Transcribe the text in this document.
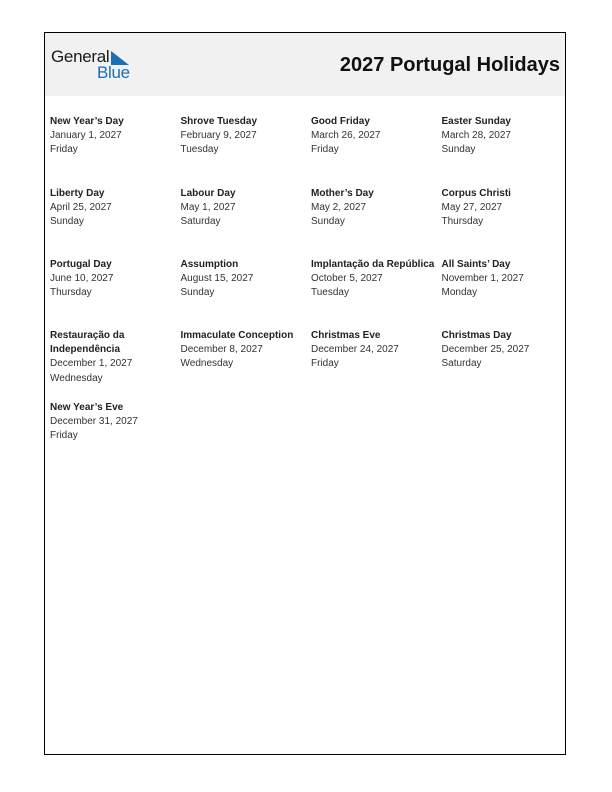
General
Blue	2027 Portugal Holidays
New Year’s Day
January 1, 2027
Friday
Shrove Tuesday
February 9, 2027
Tuesday
Good Friday
March 26, 2027
Friday
Easter Sunday
March 28, 2027
Sunday
Liberty Day
April 25, 2027
Sunday
Labour Day
May 1, 2027
Saturday
Mother’s Day
May 2, 2027
Sunday
Corpus Christi
May 27, 2027
Thursday
Portugal Day
June 10, 2027
Thursday
Assumption
August 15, 2027
Sunday
Implantação da República
October 5, 2027
Tuesday
All Saints’ Day
November 1, 2027
Monday
Restauração da Independência
December 1, 2027
Wednesday
Immaculate Conception
December 8, 2027
Wednesday
Christmas Eve
December 24, 2027
Friday
Christmas Day
December 25, 2027
Saturday
New Year’s Eve
December 31, 2027
Friday
